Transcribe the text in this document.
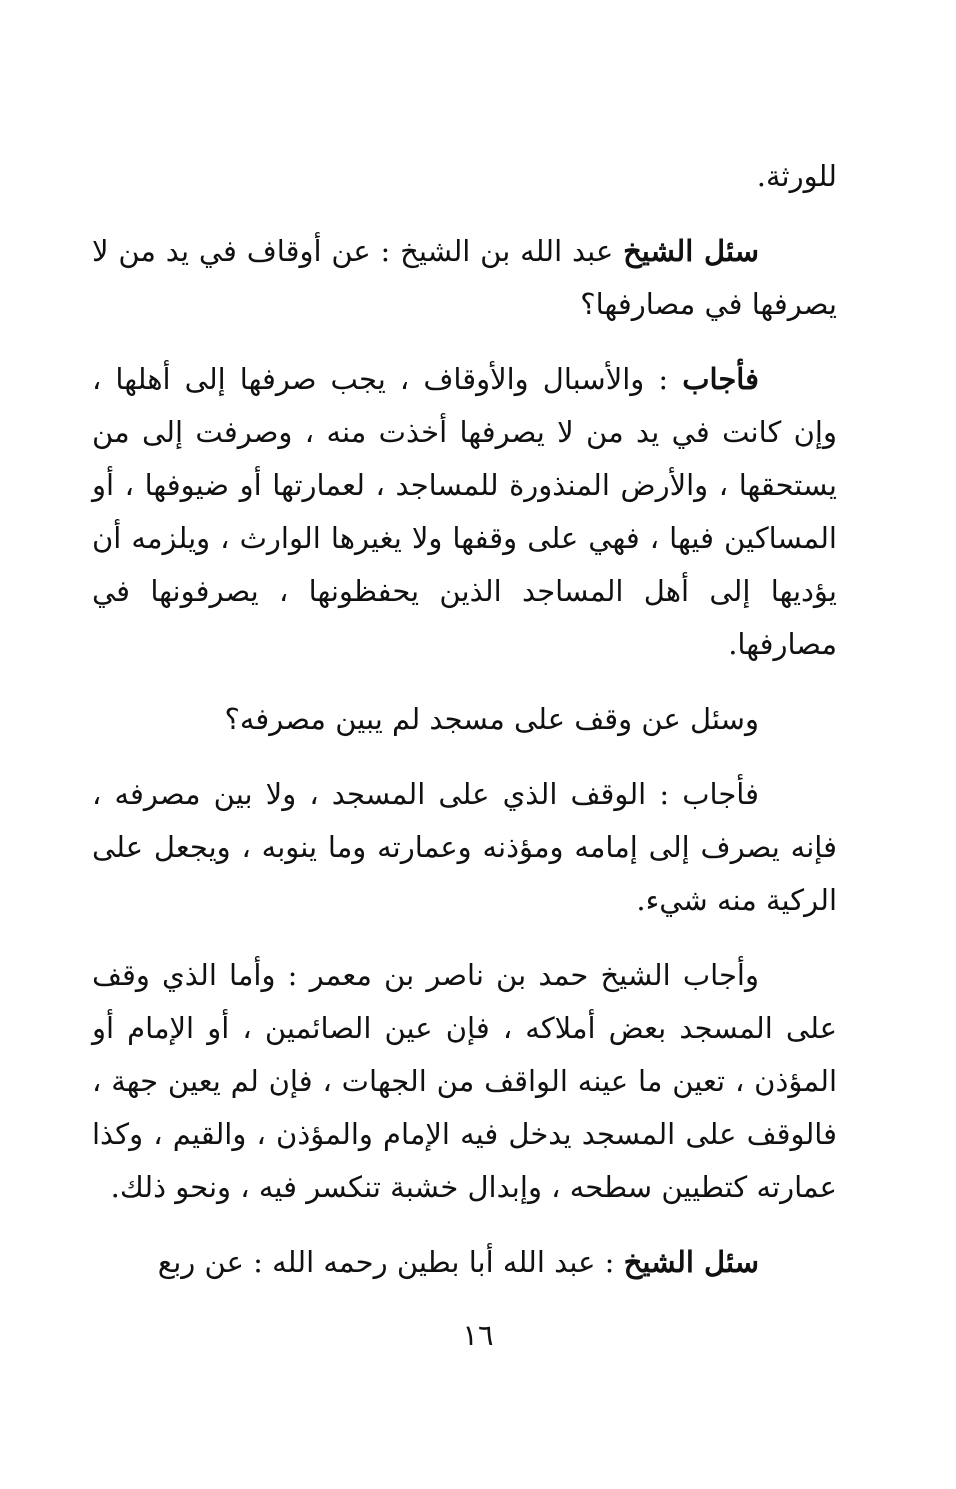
للورثة.

سئل الشيخ عبد الله بن الشيخ : عن أوقاف في يد من لا يصرفها في مصارفها؟

فأجاب : والأسبال والأوقاف ، يجب صرفها إلى أهلها ، وإن كانت في يد من لا يصرفها أخذت منه ، وصرفت إلى من يستحقها ، والأرض المنذورة للمساجد ، لعمارتها أو ضيوفها ، أو المساكين فيها ، فهي على وقفها ولا يغيرها الوارث ، ويلزمه أن يؤديها إلى أهل المساجد الذين يحفظونها ، يصرفونها في مصارفها.

وسئل عن وقف على مسجد لم يبين مصرفه؟

فأجاب : الوقف الذي على المسجد ، ولا بين مصرفه ، فإنه يصرف إلى إمامه ومؤذنه وعمارته وما ينوبه ، ويجعل على الركية منه شيء.

وأجاب الشيخ حمد بن ناصر بن معمر : وأما الذي وقف على المسجد بعض أملاكه ، فإن عين الصائمين ، أو الإمام أو المؤذن ، تعين ما عينه الواقف من الجهات ، فإن لم يعين جهة ، فالوقف على المسجد يدخل فيه الإمام والمؤذن ، والقيم ، وكذا عمارته كتطيين سطحه ، وإبدال خشبة تنكسر فيه ، ونحو ذلك.

سئل الشيخ : عبد الله أبا بطين رحمه الله : عن ربع

١٦
